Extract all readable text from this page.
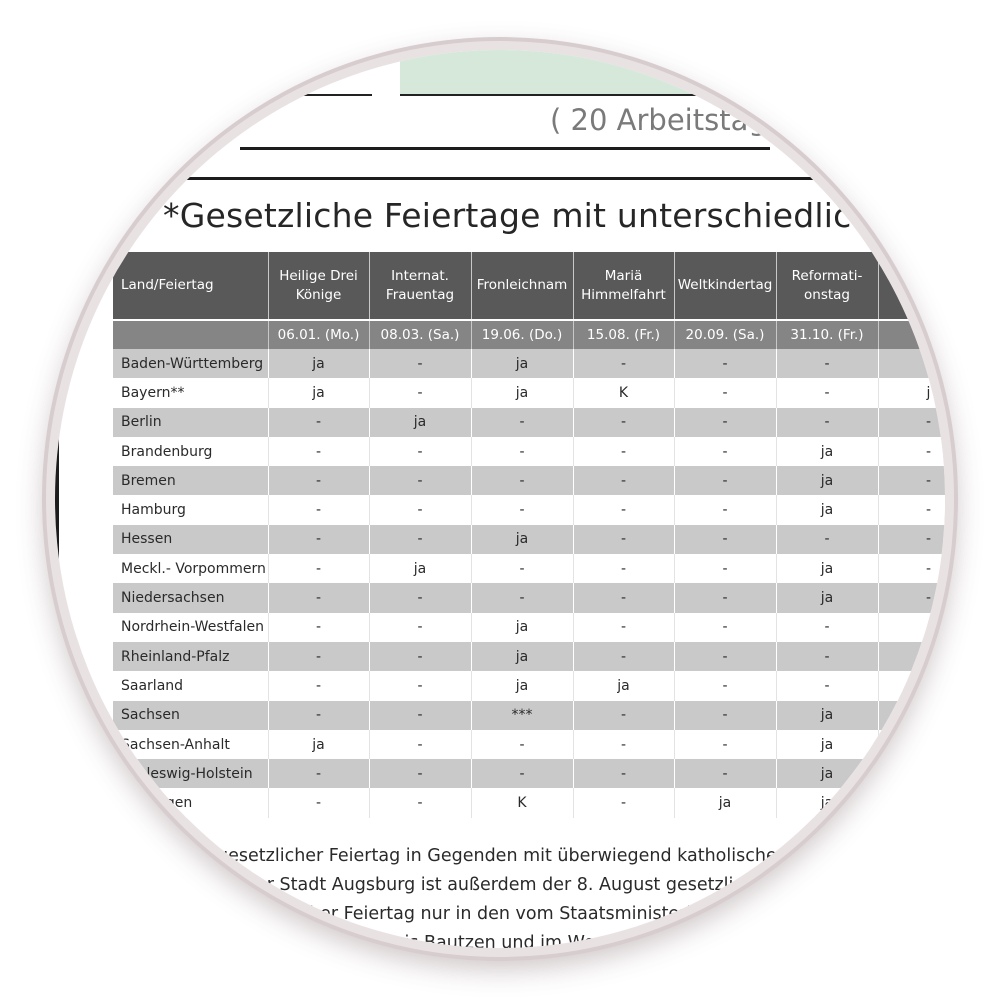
( 20 Arbeitstag
*Gesetzliche Feiertage mit unterschiedlichen
Land/Feiertag	Heilige Drei Könige	Internat. Frauentag	Fronleichnam	Mariä Himmelfahrt	Weltkindertag	Reformati- onstag	
	06.01. (Mo.)	08.03. (Sa.)	19.06. (Do.)	15.08. (Fr.)	20.09. (Sa.)	31.10. (Fr.)	01
Baden-Württemberg	ja	-	ja	-	-	-	-
Bayern**	ja	-	ja	K	-	-	j
Berlin	-	ja	-	-	-	-	-
Brandenburg	-	-	-	-	-	ja	-
Bremen	-	-	-	-	-	ja	-
Hamburg	-	-	-	-	-	ja	-
Hessen	-	-	ja	-	-	-	-
Meckl.- Vorpommern	-	ja	-	-	-	ja	-
Niedersachsen	-	-	-	-	-	ja	-
Nordrhein-Westfalen	-	-	ja	-	-	-	
Rheinland-Pfalz	-	-	ja	-	-	-	
Saarland	-	-	ja	ja	-	-	
Sachsen	-	-	***	-	-	ja	
Sachsen-Anhalt	ja	-	-	-	-	ja	
Schleswig-Holstein	-	-	-	-	-	ja	
Thüringen	-	-	K	-	ja	ja	
K gesetzlicher Feiertag in Gegenden mit überwiegend katholischer Bevölkerung
** In der Stadt Augsburg ist außerdem der 8. August gesetzlicher Feiertag
*** gesetzlicher Feiertag nur in den vom Staatsministerium des Innern bestimmten
Gemeinden im Landkreis Bautzen und im Westlausitzkreis
